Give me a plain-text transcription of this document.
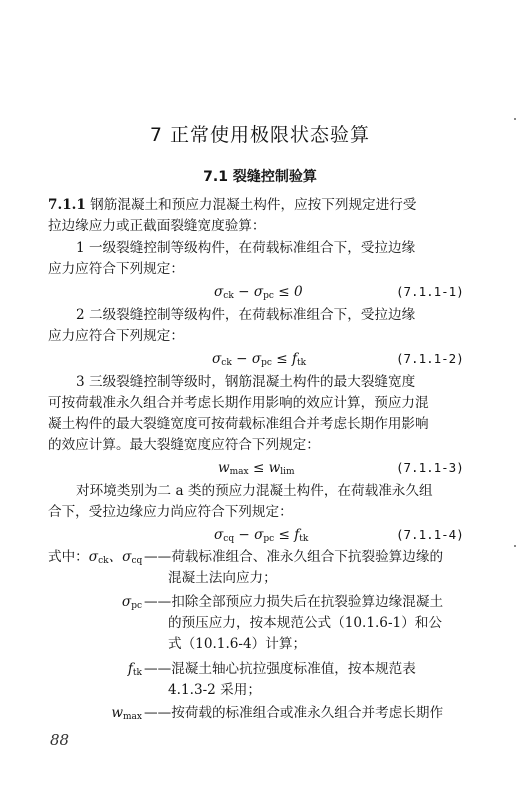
7 正常使用极限状态验算
7.1 裂缝控制验算
7.1.1 钢筋混凝土和预应力混凝土构件，应按下列规定进行受
拉边缘应力或正截面裂缝宽度验算：
1 一级裂缝控制等级构件，在荷载标准组合下，受拉边缘
应力应符合下列规定：
$\sigma_{ck} - \sigma_{pc} \le 0$	(7.1.1-1)
2 二级裂缝控制等级构件，在荷载标准组合下，受拉边缘
应力应符合下列规定：
$\sigma_{ck} - \sigma_{pc} \le f_{tk}$	(7.1.1-2)
3 三级裂缝控制等级时，钢筋混凝土构件的最大裂缝宽度
可按荷载准永久组合并考虑长期作用影响的效应计算，预应力混
凝土构件的最大裂缝宽度可按荷载标准组合并考虑长期作用影响
的效应计算。最大裂缝宽度应符合下列规定：
$w_{max} \le w_{lim}$	(7.1.1-3)
对环境类别为二 a 类的预应力混凝土构件，在荷载准永久组
合下，受拉边缘应力尚应符合下列规定：
$\sigma_{cq} - \sigma_{pc} \le f_{tk}$	(7.1.1-4)
式中：$\sigma_{ck}$、$\sigma_{cq}$ ——荷载标准组合、准永久组合下抗裂验算边缘的
混凝土法向应力；
$\sigma_{pc}$ ——扣除全部预应力损失后在抗裂验算边缘混凝土
的预压应力，按本规范公式（10.1.6-1）和公
式（10.1.6-4）计算；
$f_{tk}$ ——混凝土轴心抗拉强度标准值，按本规范表
4.1.3-2 采用；
$w_{max}$ ——按荷载的标准组合或准永久组合并考虑长期作
88
